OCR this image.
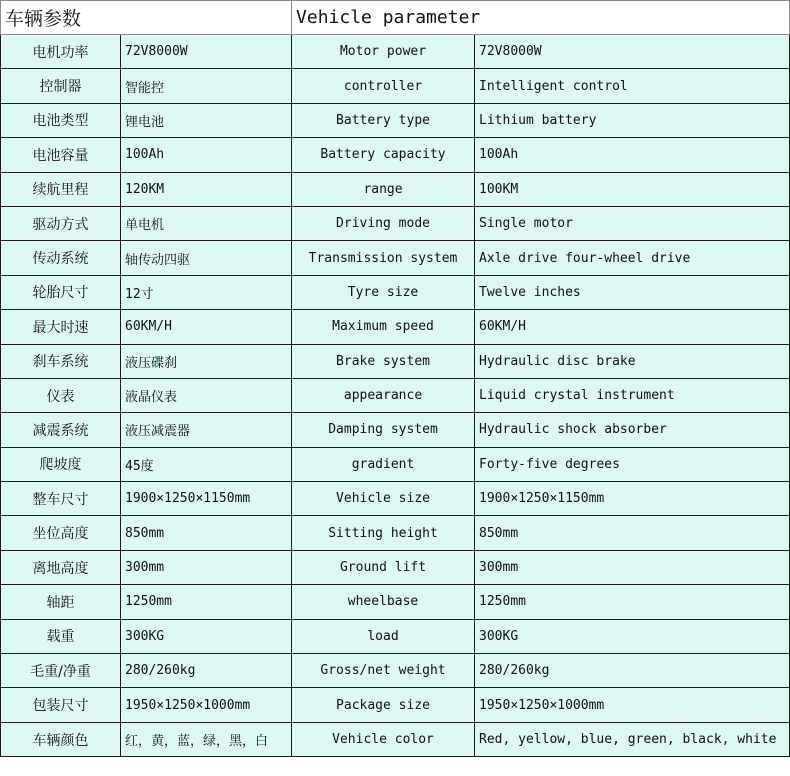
车辆参数		Vehicle parameter	
电机功率	72V8000W	Motor power	72V8000W
控制器	智能控	controller	Intelligent control
电池类型	锂电池	Battery type	Lithium battery
电池容量	100Ah	Battery capacity	100Ah
续航里程	120KM	range	100KM
驱动方式	单电机	Driving mode	Single motor
传动系统	轴传动四驱	Transmission system	Axle drive four-wheel drive
轮胎尺寸	12寸	Tyre size	Twelve inches
最大时速	60KM/H	Maximum speed	60KM/H
刹车系统	液压碟刹	Brake system	Hydraulic disc brake
仪表	液晶仪表	appearance	Liquid crystal instrument
减震系统	液压减震器	Damping system	Hydraulic shock absorber
爬坡度	45度	gradient	Forty-five degrees
整车尺寸	1900×1250×1150mm	Vehicle size	1900×1250×1150mm
坐位高度	850mm	Sitting height	850mm
离地高度	300mm	Ground lift	300mm
轴距	1250mm	wheelbase	1250mm
载重	300KG	load	300KG
毛重/净重	280/260kg	Gross/net weight	280/260kg
包装尺寸	1950×1250×1000mm	Package size	1950×1250×1000mm
车辆颜色	红，黄，蓝，绿，黑，白	Vehicle color	Red, yellow, blue, green, black, white
